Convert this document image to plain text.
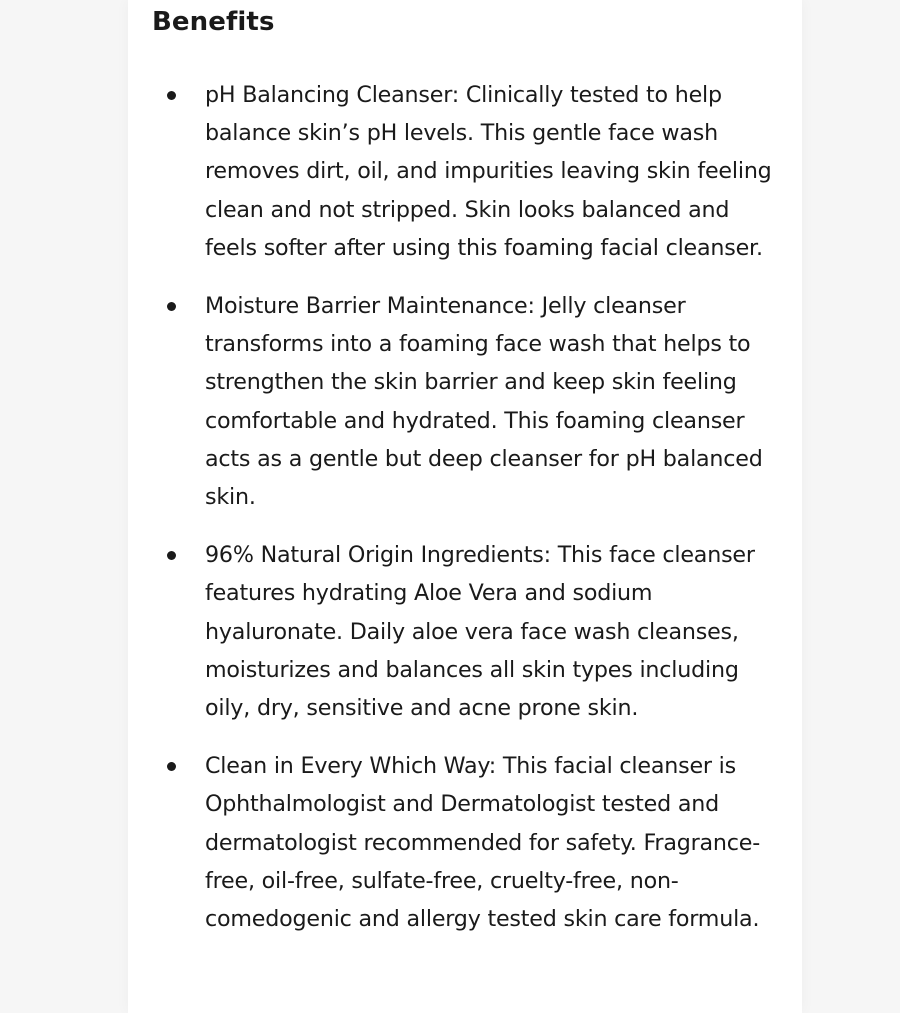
Benefits
pH Balancing Cleanser: Clinically tested to help balance skin’s pH levels. This gentle face wash removes dirt, oil, and impurities leaving skin feeling clean and not stripped. Skin looks balanced and feels softer after using this foaming facial cleanser.
Moisture Barrier Maintenance: Jelly cleanser transforms into a foaming face wash that helps to strengthen the skin barrier and keep skin feeling comfortable and hydrated. This foaming cleanser acts as a gentle but deep cleanser for pH balanced skin.
96% Natural Origin Ingredients: This face cleanser features hydrating Aloe Vera and sodium hyaluronate. Daily aloe vera face wash cleanses, moisturizes and balances all skin types including oily, dry, sensitive and acne prone skin.
Clean in Every Which Way: This facial cleanser is Ophthalmologist and Dermatologist tested and dermatologist recommended for safety. Fragrance-free, oil-free, sulfate-free, cruelty-free, non-comedogenic and allergy tested skin care formula.
